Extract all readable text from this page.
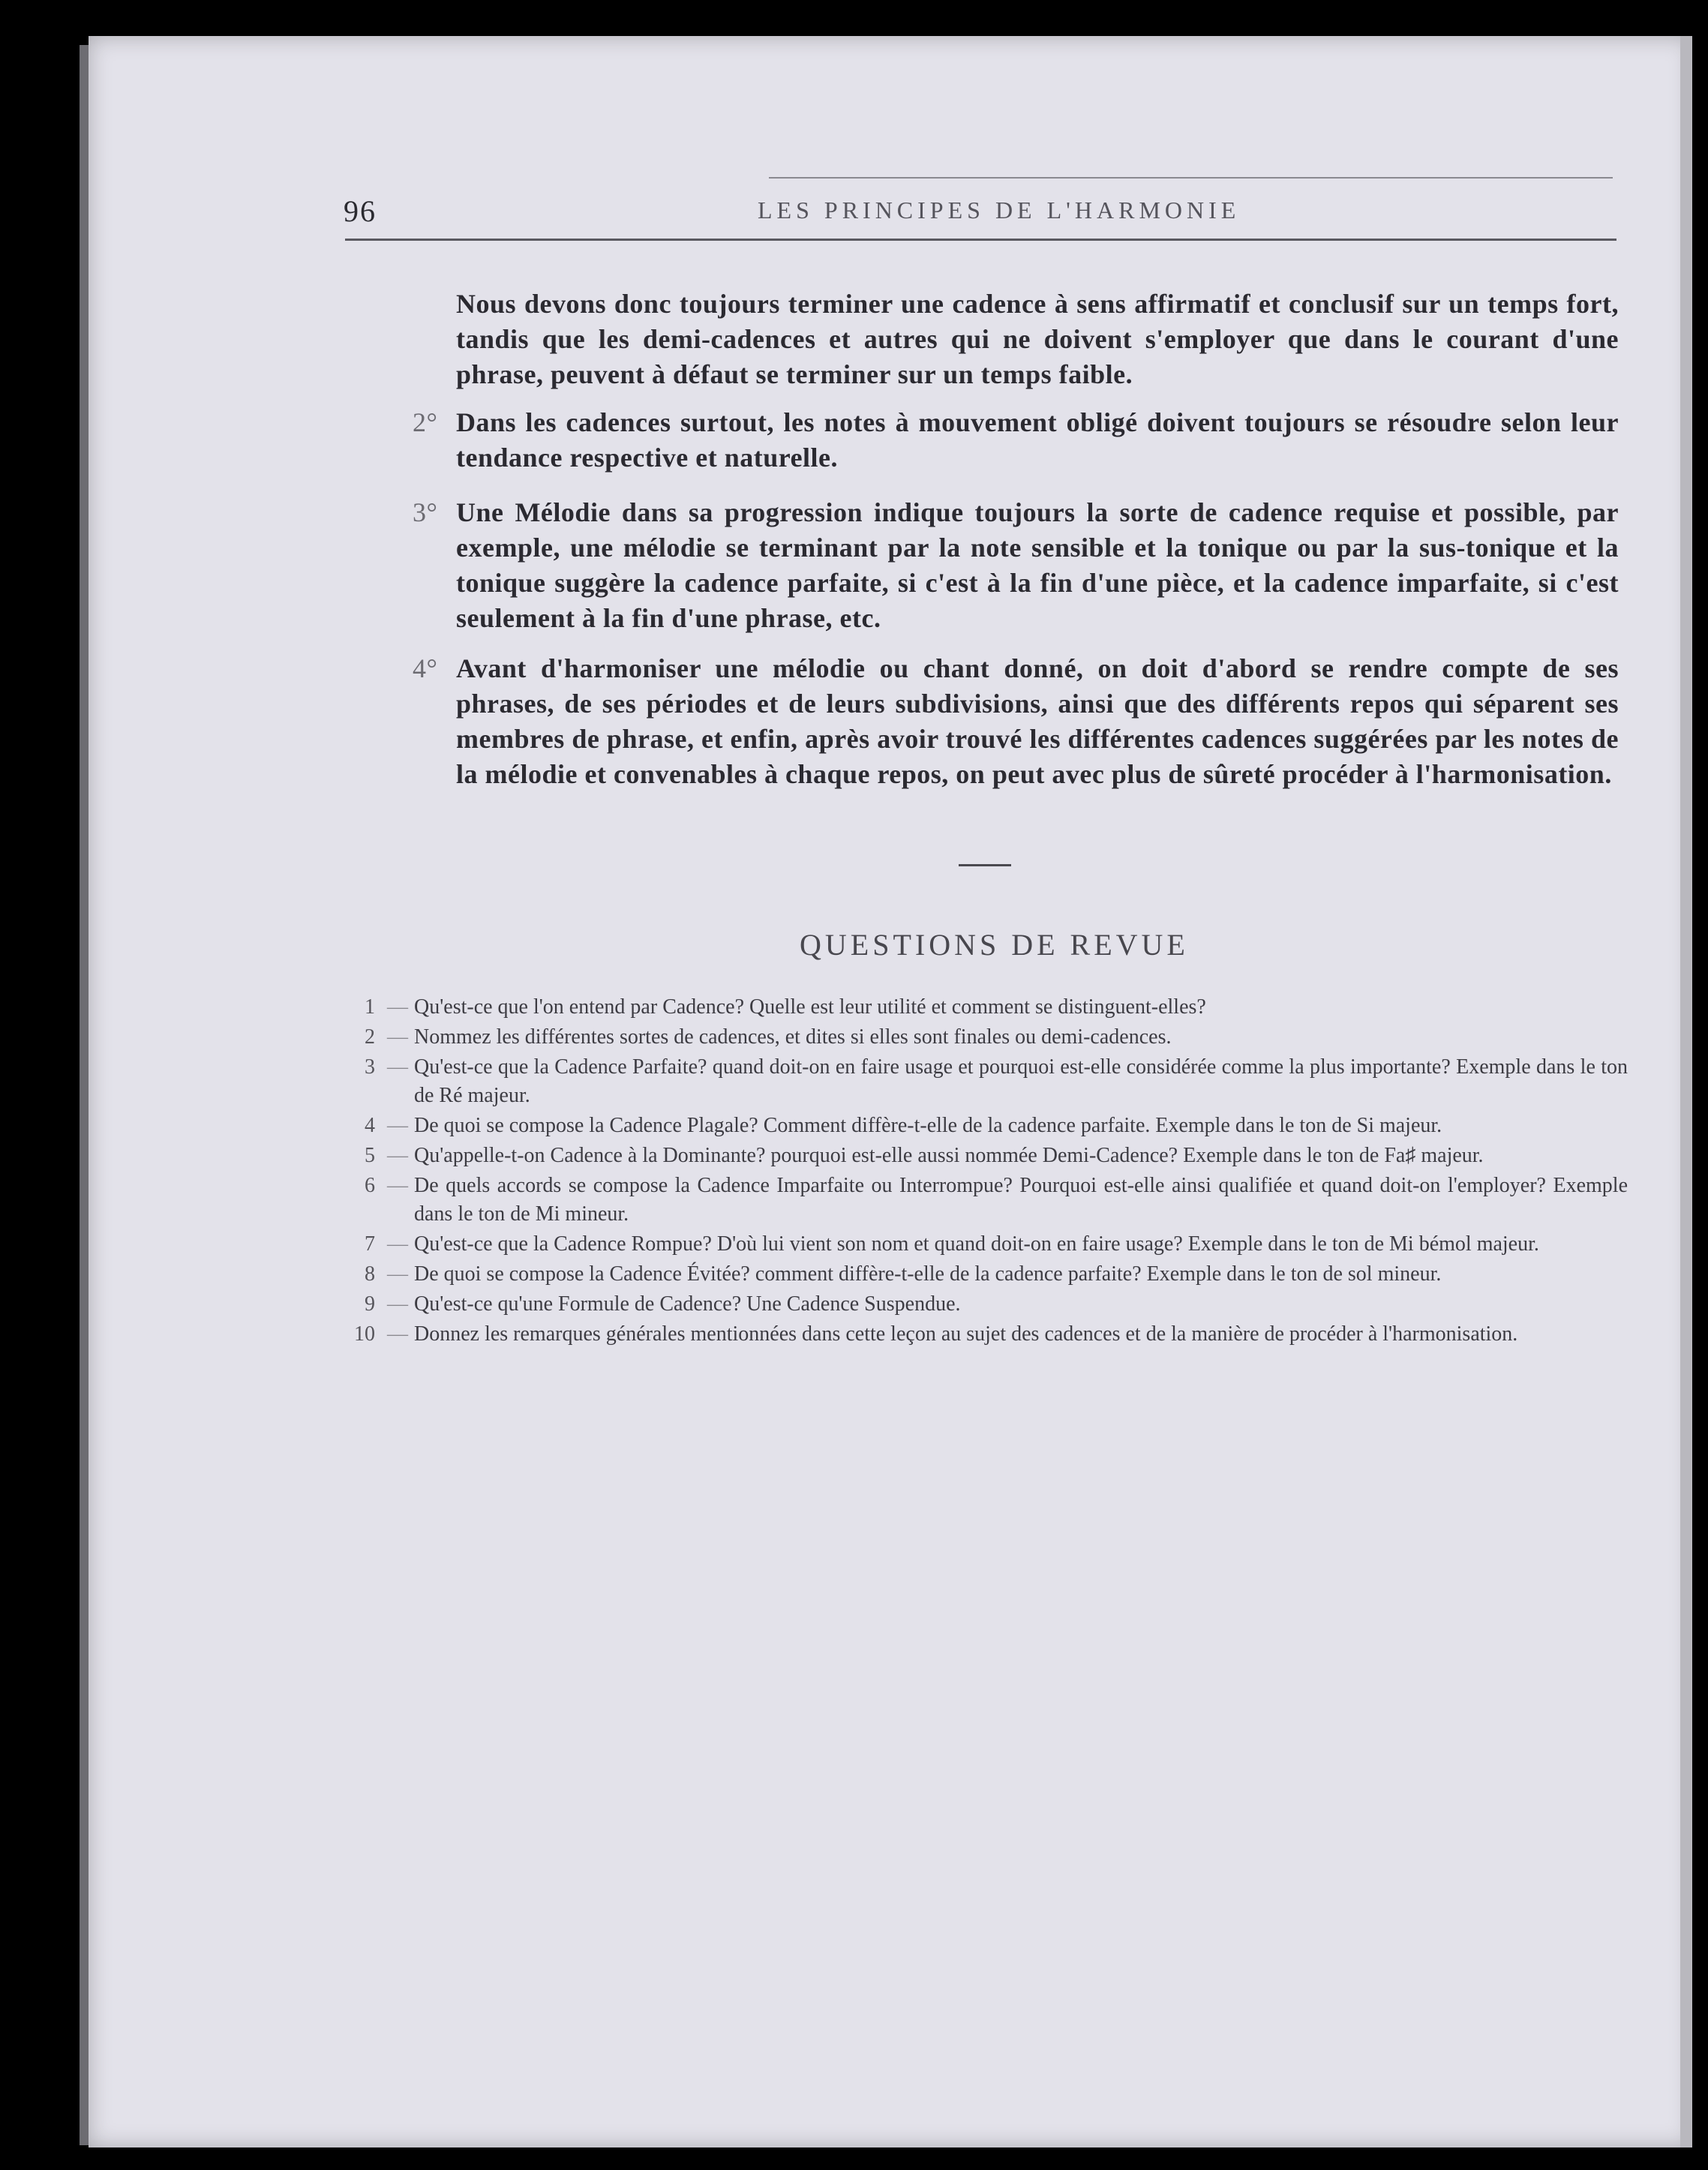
96	LES PRINCIPES DE L'HARMONIE
Nous devons donc toujours terminer une cadence à sens affirmatif et conclusif sur un temps fort, tandis que les demi-cadences et autres qui ne doivent s'employer que dans le courant d'une phrase, peuvent à défaut se terminer sur un temps faible.
2° Dans les cadences surtout, les notes à mouvement obligé doivent toujours se résoudre selon leur tendance respective et naturelle.
3° Une Mélodie dans sa progression indique toujours la sorte de cadence requise et possible, par exemple, une mélodie se terminant par la note sensible et la tonique ou par la sus-tonique et la tonique suggère la cadence parfaite, si c'est à la fin d'une pièce, et la cadence imparfaite, si c'est seulement à la fin d'une phrase, etc.
4° Avant d'harmoniser une mélodie ou chant donné, on doit d'abord se rendre compte de ses phrases, de ses périodes et de leurs subdivisions, ainsi que des différents repos qui séparent ses membres de phrase, et enfin, après avoir trouvé les différentes cadences suggérées par les notes de la mélodie et convenables à chaque repos, on peut avec plus de sûreté procéder à l'harmonisation.
QUESTIONS DE REVUE
1 — Qu'est-ce que l'on entend par Cadence? Quelle est leur utilité et comment se distinguent-elles?
2 — Nommez les différentes sortes de cadences, et dites si elles sont finales ou demi-cadences.
3 — Qu'est-ce que la Cadence Parfaite? quand doit-on en faire usage et pourquoi est-elle considérée comme la plus importante? Exemple dans le ton de Ré majeur.
4 — De quoi se compose la Cadence Plagale? Comment diffère-t-elle de la cadence parfaite. Exemple dans le ton de Si majeur.
5 — Qu'appelle-t-on Cadence à la Dominante? pourquoi est-elle aussi nommée Demi-Cadence? Exemple dans le ton de Fa♯ majeur.
6 — De quels accords se compose la Cadence Imparfaite ou Interrompue? Pourquoi est-elle ainsi qualifiée et quand doit-on l'employer? Exemple dans le ton de Mi mineur.
7 — Qu'est-ce que la Cadence Rompue? D'où lui vient son nom et quand doit-on en faire usage? Exemple dans le ton de Mi bémol majeur.
8 — De quoi se compose la Cadence Évitée? comment diffère-t-elle de la cadence parfaite? Exemple dans le ton de sol mineur.
9 — Qu'est-ce qu'une Formule de Cadence? Une Cadence Suspendue.
10 — Donnez les remarques générales mentionnées dans cette leçon au sujet des cadences et de la manière de procéder à l'harmonisation.
